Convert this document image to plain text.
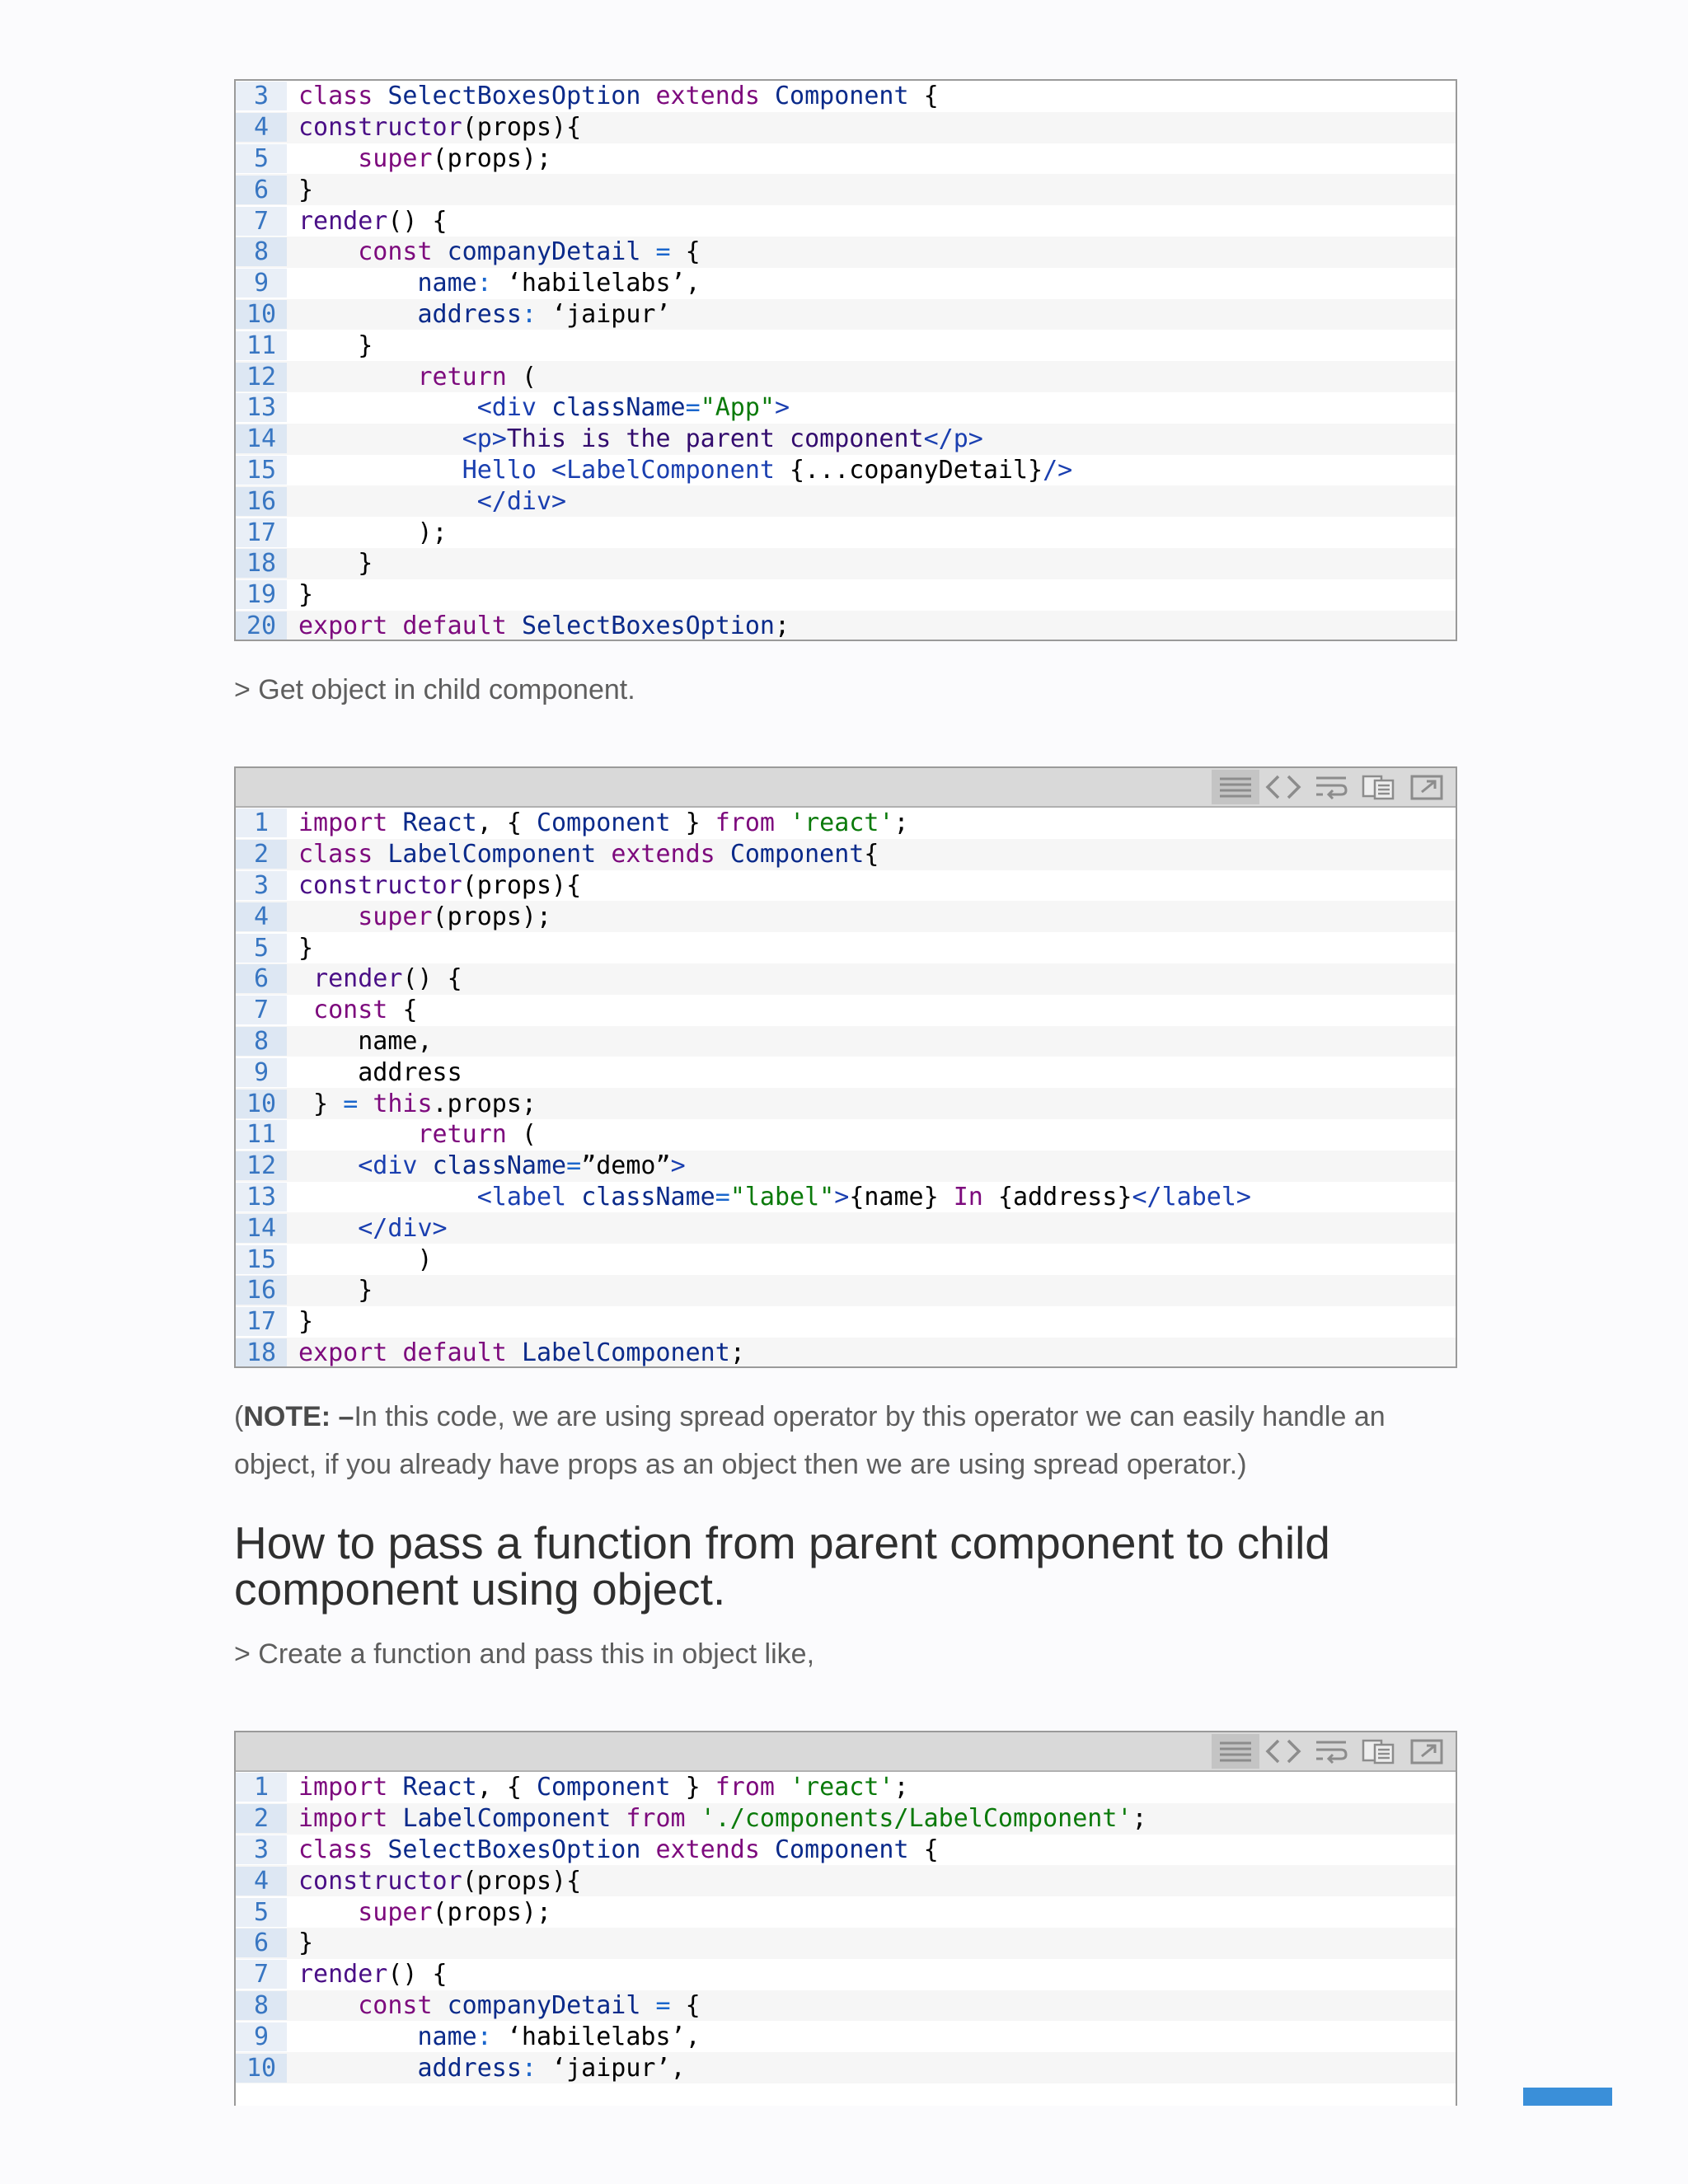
3	class SelectBoxesOption extends Component {
4	constructor(props){
5	super(props);
6	}
7	render() {
8	const companyDetail = {
9	name: ‘habilelabs’,
10	address: ‘jaipur’
11 }
12	return (
13	<div className="App">
14	<p>This is the parent component</p>
15	Hello <LabelComponent {...copanyDetail}/>
16	</div>
17 );
18 }
19 }
20 export default SelectBoxesOption;
> Get object in child component.
1	import React, { Component } from 'react';
2	class LabelComponent extends Component{
3	constructor(props){
4	super(props);
5	}
6	render() {
7	const {
8	name,
9	address
10 } = this.props;
11	return (
12	<div className=”demo”>
13	<label className="label">{name} In {address}</label>
14	</div>
15 )
16 }
17 }
18 export default LabelComponent;
(NOTE: –In this code, we are using spread operator by this operator we can easily handle an object, if you already have props as an object then we are using spread operator.)
How to pass a function from parent component to child component using object.
> Create a function and pass this in object like,
1	import React, { Component } from 'react';
2	import LabelComponent from './components/LabelComponent';
3	class SelectBoxesOption extends Component {
4	constructor(props){
5	super(props);
6	}
7	render() {
8	const companyDetail = {
9	name: ‘habilelabs’,
10	address: ‘jaipur’,
